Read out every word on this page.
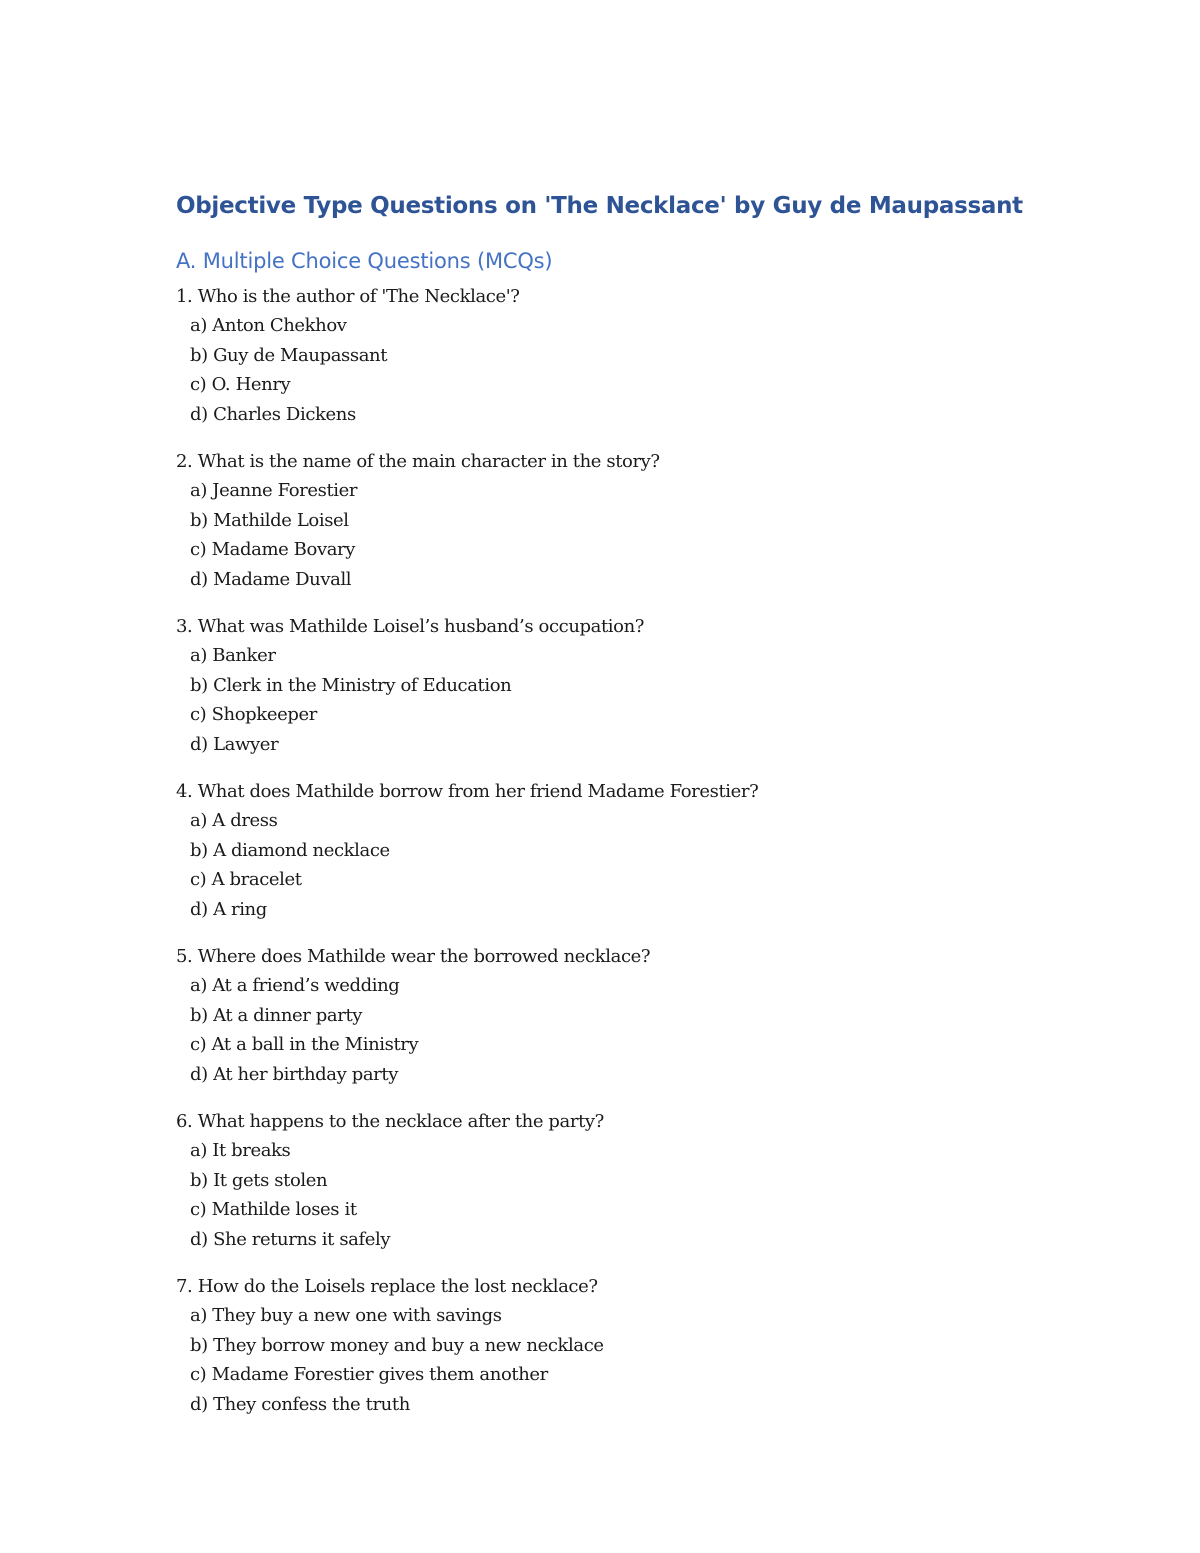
Objective Type Questions on 'The Necklace' by Guy de Maupassant
A. Multiple Choice Questions (MCQs)
1. Who is the author of 'The Necklace'?
a) Anton Chekhov
b) Guy de Maupassant
c) O. Henry
d) Charles Dickens
2. What is the name of the main character in the story?
a) Jeanne Forestier
b) Mathilde Loisel
c) Madame Bovary
d) Madame Duvall
3. What was Mathilde Loisel’s husband’s occupation?
a) Banker
b) Clerk in the Ministry of Education
c) Shopkeeper
d) Lawyer
4. What does Mathilde borrow from her friend Madame Forestier?
a) A dress
b) A diamond necklace
c) A bracelet
d) A ring
5. Where does Mathilde wear the borrowed necklace?
a) At a friend’s wedding
b) At a dinner party
c) At a ball in the Ministry
d) At her birthday party
6. What happens to the necklace after the party?
a) It breaks
b) It gets stolen
c) Mathilde loses it
d) She returns it safely
7. How do the Loisels replace the lost necklace?
a) They buy a new one with savings
b) They borrow money and buy a new necklace
c) Madame Forestier gives them another
d) They confess the truth
